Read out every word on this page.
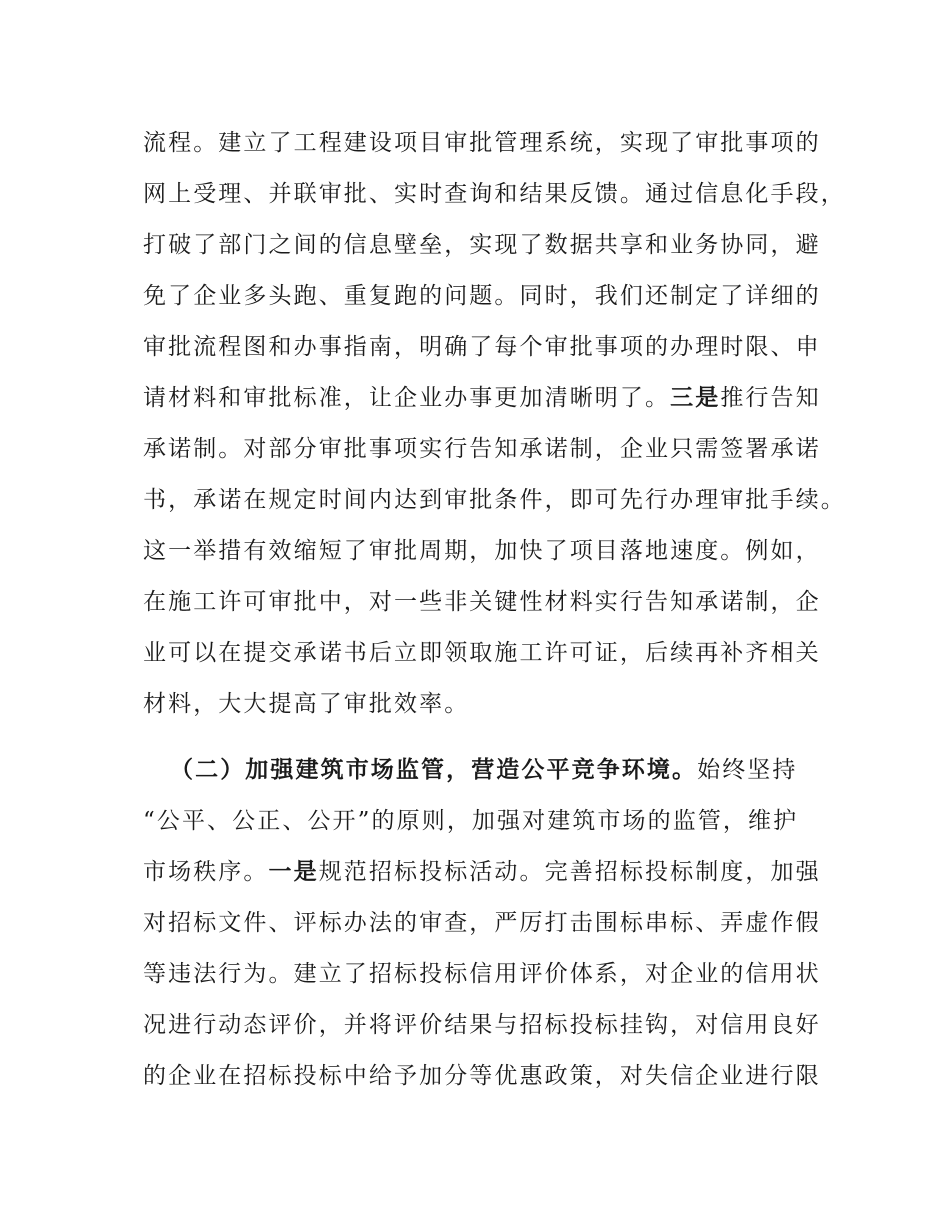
流程。建立了工程建设项目审批管理系统，实现了审批事项的
网上受理、并联审批、实时查询和结果反馈。通过信息化手段，
打破了部门之间的信息壁垒，实现了数据共享和业务协同，避
免了企业多头跑、重复跑的问题。同时，我们还制定了详细的
审批流程图和办事指南，明确了每个审批事项的办理时限、申
请材料和审批标准，让企业办事更加清晰明了。三是推行告知
承诺制。对部分审批事项实行告知承诺制，企业只需签署承诺
书，承诺在规定时间内达到审批条件，即可先行办理审批手续。
这一举措有效缩短了审批周期，加快了项目落地速度。例如，
在施工许可审批中，对一些非关键性材料实行告知承诺制，企
业可以在提交承诺书后立即领取施工许可证，后续再补齐相关
材料，大大提高了审批效率。
（二）加强建筑市场监管，营造公平竞争环境。始终坚持
“公平、公正、公开”的原则，加强对建筑市场的监管，维护
市场秩序。一是规范招标投标活动。完善招标投标制度，加强
对招标文件、评标办法的审查，严厉打击围标串标、弄虚作假
等违法行为。建立了招标投标信用评价体系，对企业的信用状
况进行动态评价，并将评价结果与招标投标挂钩，对信用良好
的企业在招标投标中给予加分等优惠政策，对失信企业进行限
